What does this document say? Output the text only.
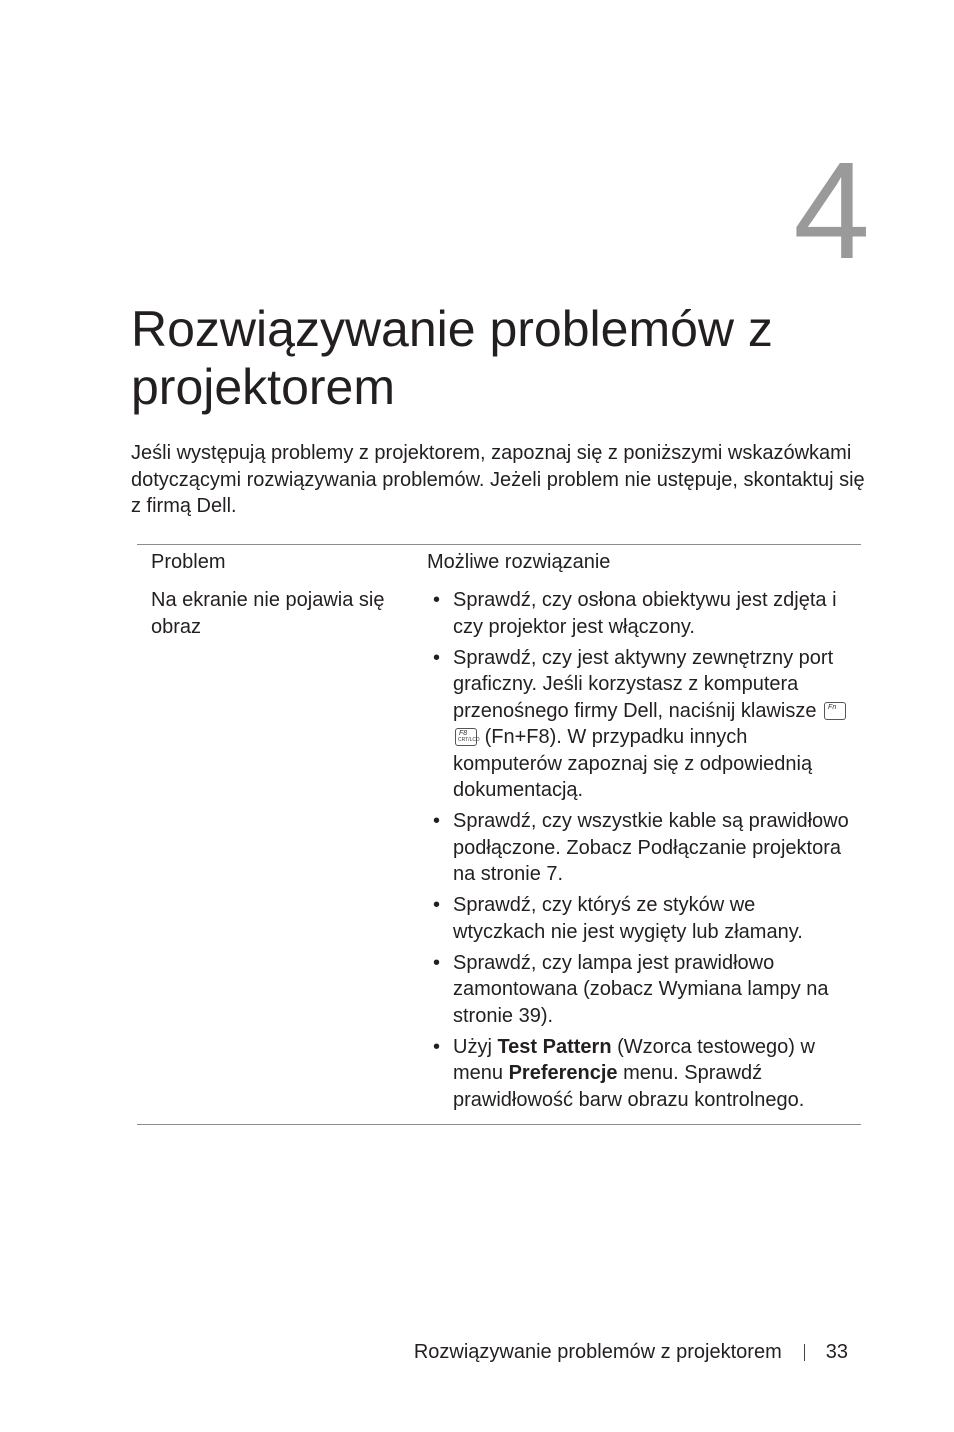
4
Rozwiązywanie problemów z projektorem

Jeśli występują problemy z projektorem, zapoznaj się z poniższymi wskazówkami dotyczącymi rozwiązywania problemów. Jeżeli problem nie ustępuje, skontaktuj się z firmą Dell.

Problem	Możliwe rozwiązanie
Na ekranie nie pojawia się obraz
• Sprawdź, czy osłona obiektywu jest zdjęta i czy projektor jest włączony.
• Sprawdź, czy jest aktywny zewnętrzny port graficzny. Jeśli korzystasz z komputera przenośnego firmy Dell, naciśnij klawisze Fn
F8
CRT/LCD (Fn+F8). W przypadku innych komputerów zapoznaj się z odpowiednią dokumentacją.
• Sprawdź, czy wszystkie kable są prawidłowo podłączone. Zobacz Podłączanie projektora na stronie 7.
• Sprawdź, czy któryś ze styków we wtyczkach nie jest wygięty lub złamany.
• Sprawdź, czy lampa jest prawidłowo zamontowana (zobacz Wymiana lampy na stronie 39).
• Użyj Test Pattern (Wzorca testowego) w menu Preferencje menu. Sprawdź prawidłowość barw obrazu kontrolnego.
Rozwiązywanie problemów z projektorem 33
